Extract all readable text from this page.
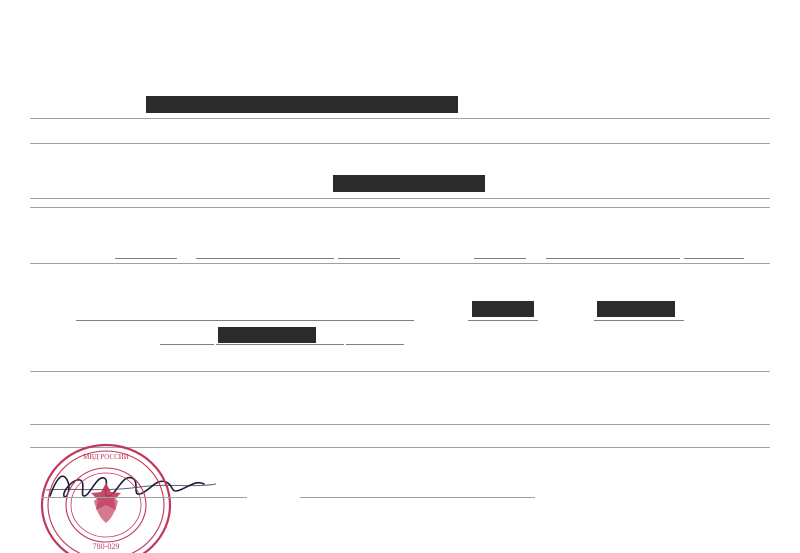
МВД РОССИИ
780-029
